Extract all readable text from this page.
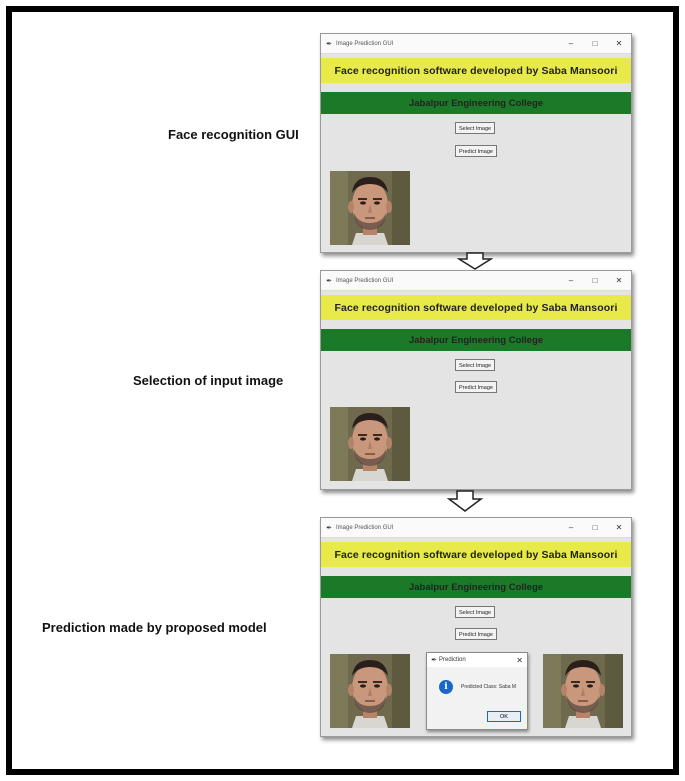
Face recognition GUI
Selection of input image
Prediction made by proposed model
✒ Image Prediction GUI	–	□	✕
Face recognition software developed by Saba Mansoori
Jabalpur Engineering College
Select Image
Predict Image
✒ Image Prediction GUI	–	□	✕
Face recognition software developed by Saba Mansoori
Jabalpur Engineering College
Select Image
Predict Image
✒ Image Prediction GUI	–	□	✕
Face recognition software developed by Saba Mansoori
Jabalpur Engineering College
Select Image
Predict Image
✒ Prediction	✕
i	Predicted Class: Saba M
OK
